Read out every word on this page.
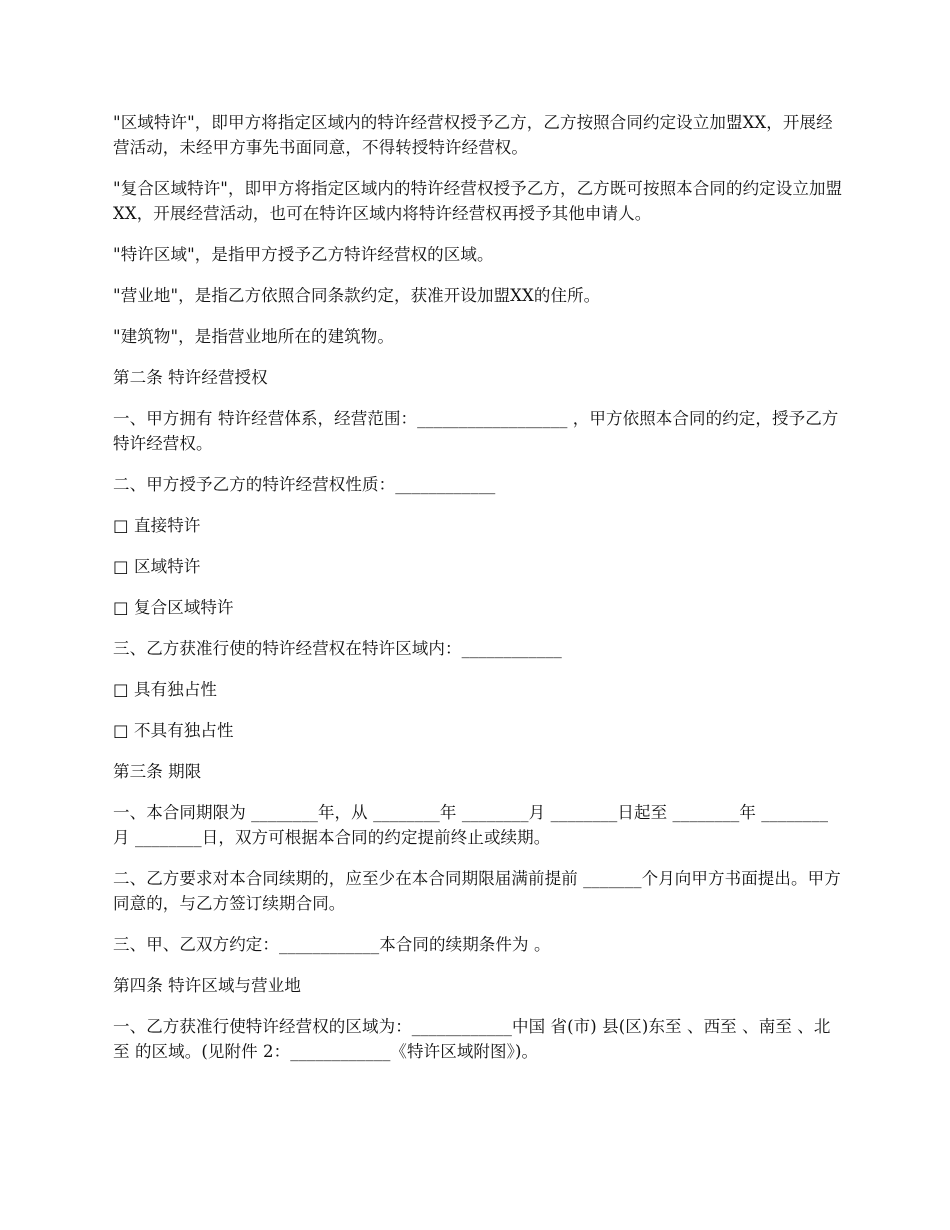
"区域特许"，即甲方将指定区域内的特许经营权授予乙方，乙方按照合同约定设立加盟XX，开展经营活动，未经甲方事先书面同意，不得转授特许经营权。

"复合区域特许"，即甲方将指定区域内的特许经营权授予乙方，乙方既可按照本合同的约定设立加盟XX，开展经营活动，也可在特许区域内将特许经营权再授予其他申请人。

"特许区域"，是指甲方授予乙方特许经营权的区域。

"营业地"，是指乙方依照合同条款约定，获准开设加盟XX的住所。

"建筑物"，是指营业地所在的建筑物。

第二条 特许经营授权

一、甲方拥有 特许经营体系，经营范围：__________________ ，甲方依照本合同的约定，授予乙方 特许经营权。

二、甲方授予乙方的特许经营权性质：____________

□ 直接特许

□ 区域特许

□ 复合区域特许

三、乙方获准行使的特许经营权在特许区域内：____________

□ 具有独占性

□ 不具有独占性

第三条 期限

一、本合同期限为 ________年，从 ________年 ________月 ________日起至 ________年 ________月 ________日，双方可根据本合同的约定提前终止或续期。

二、乙方要求对本合同续期的，应至少在本合同期限届满前提前 _______个月向甲方书面提出。甲方同意的，与乙方签订续期合同。

三、甲、乙双方约定：____________本合同的续期条件为 。

第四条 特许区域与营业地

一、乙方获准行使特许经营权的区域为：____________中国 省(市) 县(区)东至 、西至 、南至 、北至 的区域。(见附件 2：____________《特许区域附图》)。
